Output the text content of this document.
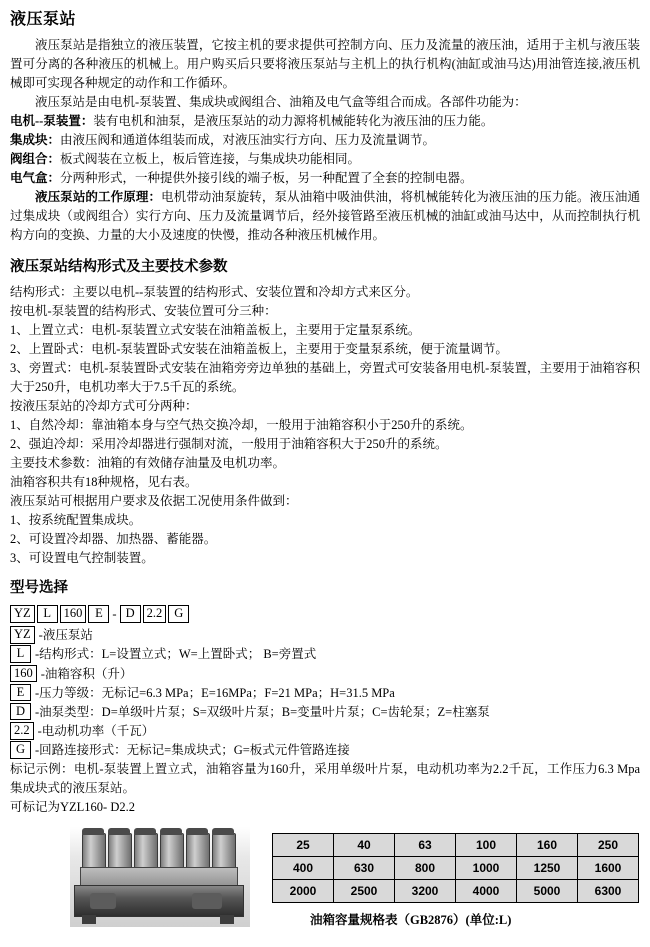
液压泵站

液压泵站是指独立的液压装置，它按主机的要求提供可控制方向、压力及流量的液压油，适用于主机与液压装置可分离的各种液压的机械上。用户购买后只要将液压泵站与主机上的执行机构(油缸或油马达)用油管连接,液压机械即可实现各种规定的动作和工作循环。

液压泵站是由电机-泵装置、集成块或阀组合、油箱及电气盒等组合而成。各部件功能为：

电机--泵装置：装有电机和油泵，是液压泵站的动力源将机械能转化为液压油的压力能。

集成块：由液压阀和通道体组装而成，对液压油实行方向、压力及流量调节。

阀组合：板式阀装在立板上，板后管连接，与集成块功能相同。

电气盒：分两种形式，一种提供外接引线的端子板，另一种配置了全套的控制电器。

液压泵站的工作原理：电机带动油泵旋转，泵从油箱中吸油供油，将机械能转化为液压油的压力能。液压油通过集成块（或阀组合）实行方向、压力及流量调节后，经外接管路至液压机械的油缸或油马达中，从而控制执行机构方向的变换、力量的大小及速度的快慢，推动各种液压机械作用。

液压泵站结构形式及主要技术参数

结构形式：主要以电机--泵装置的结构形式、安装位置和冷却方式来区分。

按电机-泵装置的结构形式、安装位置可分三种：

1、上置立式：电机-泵装置立式安装在油箱盖板上，主要用于定量泵系统。

2、上置卧式：电机-泵装置卧式安装在油箱盖板上，主要用于变量泵系统，便于流量调节。

3、旁置式：电机-泵装置卧式安装在油箱旁旁边单独的基础上，旁置式可安装备用电机-泵装置，主要用于油箱容积大于250升，电机功率大于7.5千瓦的系统。

按液压泵站的冷却方式可分两种：

1、自然冷却：靠油箱本身与空气热交换冷却，一般用于油箱容积小于250升的系统。

2、强迫冷却：采用冷却器进行强制对流，一般用于油箱容积大于250升的系统。

主要技术参数：油箱的有效储存油量及电机功率。

油箱容积共有18种规格，见右表。

液压泵站可根据用户要求及依据工况使用条件做到：

1、按系统配置集成块。

2、可设置冷却器、加热器、蓄能器。

3、可设置电气控制装置。

型号选择
YZ	L	160	E - D 2.2 G
YZ -液压泵站
L -结构形式：L=设置立式；W=上置卧式； B=旁置式
160 -油箱容积（升）
E -压力等级：无标记=6.3 MPa；E=16MPa；F=21 MPa；H=31.5 MPa
D -油泵类型：D=单级叶片泵；S=双级叶片泵；B=变量叶片泵；C=齿轮泵；Z=柱塞泵
2.2 -电动机功率（千瓦）
G -回路连接形式：无标记=集成块式；G=板式元件管路连接

标记示例：电机-泵装置上置立式，油箱容量为160升，采用单级叶片泵，电动机功率为2.2千瓦，工作压力6.3 Mpa集成块式的液压泵站。

可标记为YZL160- D2.2

25	40	63	100	160	250
400	630	800	1000	1250	1600
2000	2500	3200	4000	5000	6300
油箱容量规格表（GB2876）(单位:L)
